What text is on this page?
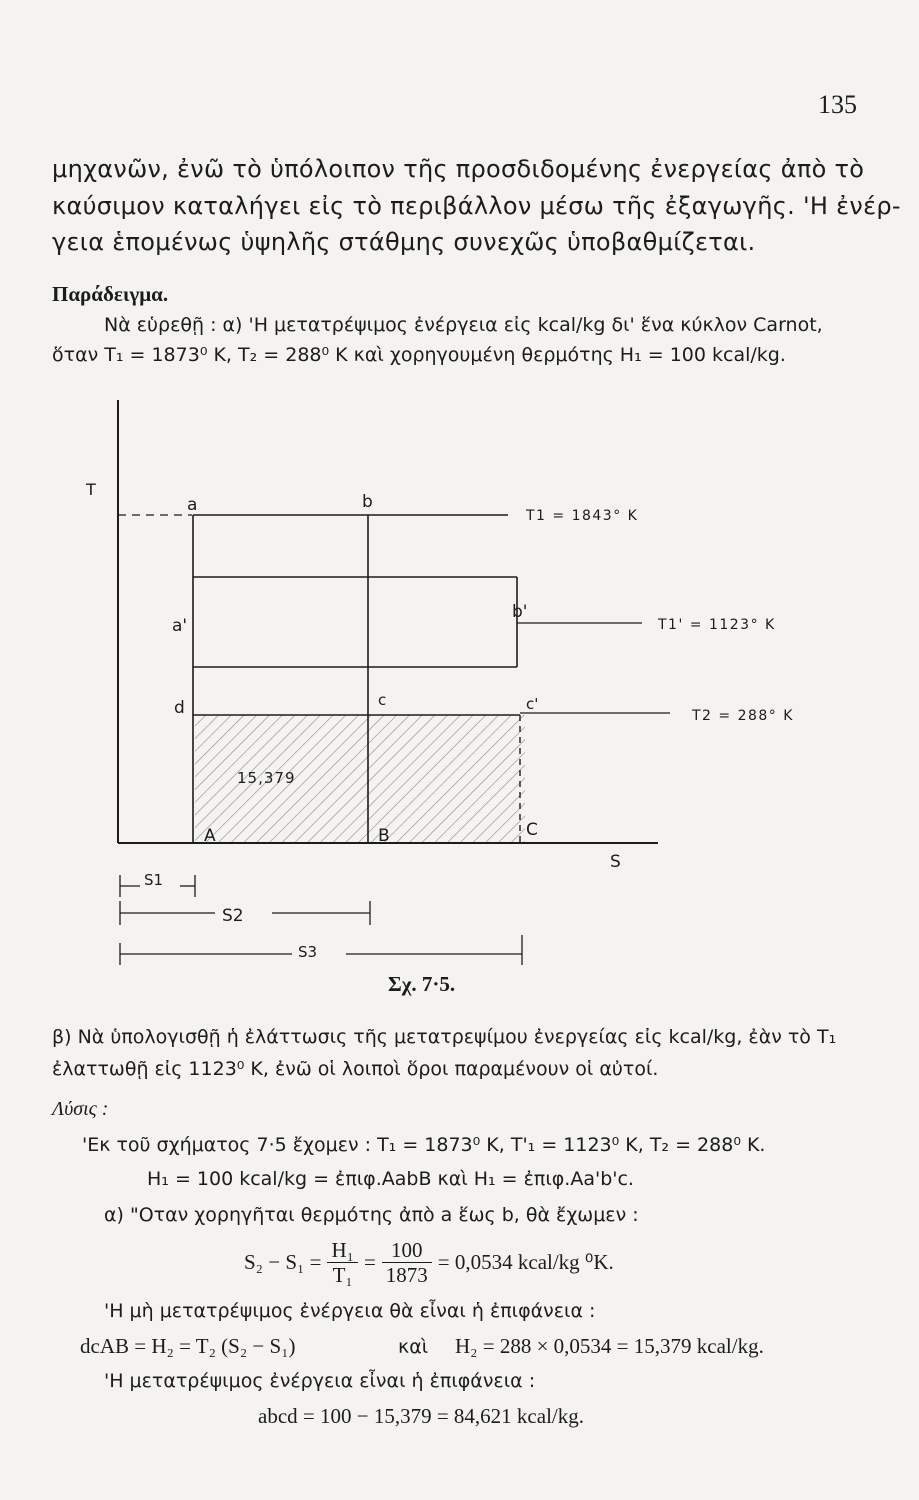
135
μηχανῶν, ἐνῶ τὸ ὑπόλοιπον τῆς προσδιδομένης ἐνεργείας ἀπὸ τὸ
καύσιμον καταλήγει εἰς τὸ περιβάλλον μέσω τῆς ἐξαγωγῆς. 'Η ἐνέρ-
γεια ἑπομένως ὑψηλῆς στάθμης συνεχῶς ὑποβαθμίζεται.
Παράδειγμα.
Νὰ εὑρεθῇ : α) 'Η μετατρέψιμος ἐνέργεια εἰς kcal/kg δι' ἕνα κύκλον Carnot,
ὅταν T₁ = 1873⁰ K, T₂ = 288⁰ K καὶ χορηγουμένη θερμότης H₁ = 100 kcal/kg.
T
S
a	b
a'
b'
d	c	c'
A	B	C
T1 = 1843° K
T1' = 1123° K
T2 = 288° K
15,379
S1
S2
S3
Σχ. 7·5.
β) Νὰ ὑπολογισθῇ ἡ ἐλάττωσις τῆς μετατρεψίμου ἐνεργείας εἰς kcal/kg, ἐὰν τὸ T₁
ἐλαττωθῇ εἰς 1123⁰ K, ἐνῶ οἱ λοιποὶ ὅροι παραμένουν οἱ αὐτοί.
Λύσις :
'Εκ τοῦ σχήματος 7·5 ἔχομεν : T₁ = 1873⁰ K, T'₁ = 1123⁰ K, T₂ = 288⁰ K.
H₁ = 100 kcal/kg = ἐπιφ.AabB καὶ H₁ = ἐπιφ.Aa'b'c.
α) "Οταν χορηγῆται θερμότης ἀπὸ a ἕως b, θὰ ἔχωμεν :
$S_2 - S_1 = \frac{\text{H₁}}{\text{T₁}} = \frac{100}{1873} = 0,0534$ kcal/kg ⁰K.
'Η μὴ μετατρέψιμος ἐνέργεια θὰ εἶναι ἡ ἐπιφάνεια :
dcAB = H₂ = T₂ (S₂ − S₁)	καὶ H₂ = 288 × 0,0534 = 15,379 kcal/kg.
'Η μετατρέψιμος ἐνέργεια εἶναι ἡ ἐπιφάνεια :
abcd = 100 − 15,379 = 84,621 kcal/kg.
